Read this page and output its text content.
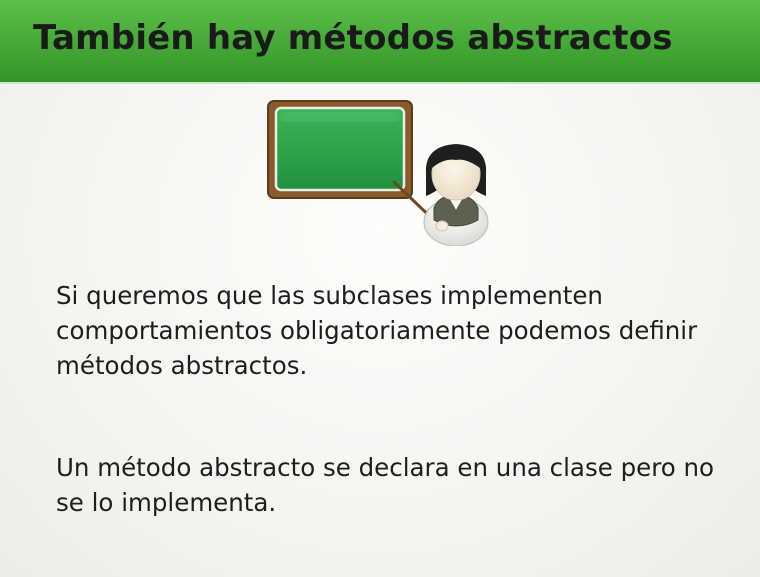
También hay métodos abstractos

Si queremos que las subclases implementen comportamientos obligatoriamente podemos definir métodos abstractos.

Un método abstracto se declara en una clase pero no se lo implementa.
